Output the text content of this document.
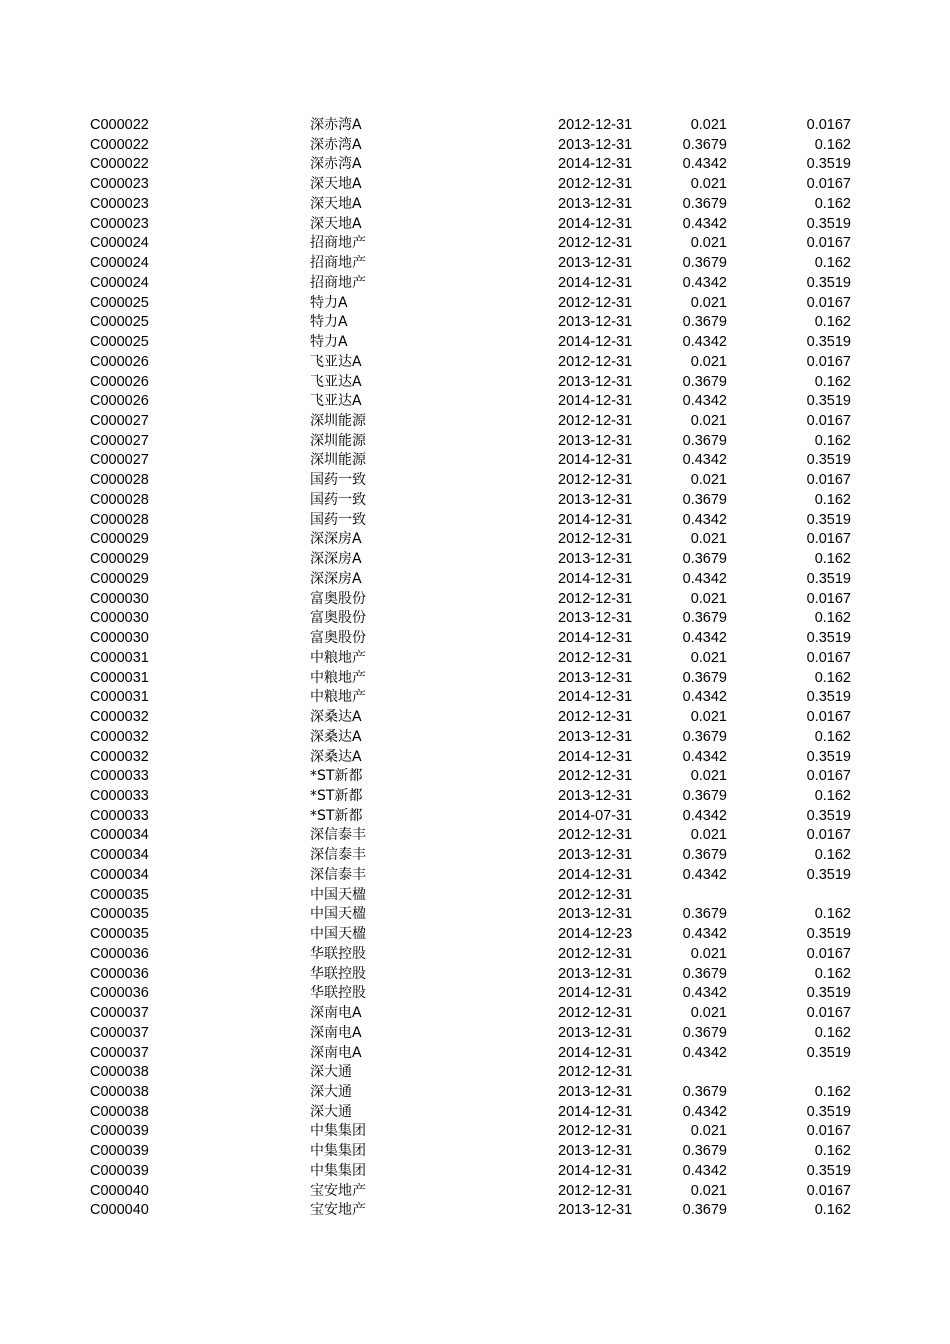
C000022	深赤湾A	2012-12-31	0.021	0.0167
C000022	深赤湾A	2013-12-31	0.3679	0.162
C000022	深赤湾A	2014-12-31	0.4342	0.3519
C000023	深天地A	2012-12-31	0.021	0.0167
C000023	深天地A	2013-12-31	0.3679	0.162
C000023	深天地A	2014-12-31	0.4342	0.3519
C000024	招商地产	2012-12-31	0.021	0.0167
C000024	招商地产	2013-12-31	0.3679	0.162
C000024	招商地产	2014-12-31	0.4342	0.3519
C000025	特力A	2012-12-31	0.021	0.0167
C000025	特力A	2013-12-31	0.3679	0.162
C000025	特力A	2014-12-31	0.4342	0.3519
C000026	飞亚达A	2012-12-31	0.021	0.0167
C000026	飞亚达A	2013-12-31	0.3679	0.162
C000026	飞亚达A	2014-12-31	0.4342	0.3519
C000027	深圳能源	2012-12-31	0.021	0.0167
C000027	深圳能源	2013-12-31	0.3679	0.162
C000027	深圳能源	2014-12-31	0.4342	0.3519
C000028	国药一致	2012-12-31	0.021	0.0167
C000028	国药一致	2013-12-31	0.3679	0.162
C000028	国药一致	2014-12-31	0.4342	0.3519
C000029	深深房A	2012-12-31	0.021	0.0167
C000029	深深房A	2013-12-31	0.3679	0.162
C000029	深深房A	2014-12-31	0.4342	0.3519
C000030	富奥股份	2012-12-31	0.021	0.0167
C000030	富奥股份	2013-12-31	0.3679	0.162
C000030	富奥股份	2014-12-31	0.4342	0.3519
C000031	中粮地产	2012-12-31	0.021	0.0167
C000031	中粮地产	2013-12-31	0.3679	0.162
C000031	中粮地产	2014-12-31	0.4342	0.3519
C000032	深桑达A	2012-12-31	0.021	0.0167
C000032	深桑达A	2013-12-31	0.3679	0.162
C000032	深桑达A	2014-12-31	0.4342	0.3519
C000033	*ST新都	2012-12-31	0.021	0.0167
C000033	*ST新都	2013-12-31	0.3679	0.162
C000033	*ST新都	2014-07-31	0.4342	0.3519
C000034	深信泰丰	2012-12-31	0.021	0.0167
C000034	深信泰丰	2013-12-31	0.3679	0.162
C000034	深信泰丰	2014-12-31	0.4342	0.3519
C000035	中国天楹	2012-12-31
C000035	中国天楹	2013-12-31	0.3679	0.162
C000035	中国天楹	2014-12-23	0.4342	0.3519
C000036	华联控股	2012-12-31	0.021	0.0167
C000036	华联控股	2013-12-31	0.3679	0.162
C000036	华联控股	2014-12-31	0.4342	0.3519
C000037	深南电A	2012-12-31	0.021	0.0167
C000037	深南电A	2013-12-31	0.3679	0.162
C000037	深南电A	2014-12-31	0.4342	0.3519
C000038	深大通	2012-12-31
C000038	深大通	2013-12-31	0.3679	0.162
C000038	深大通	2014-12-31	0.4342	0.3519
C000039	中集集团	2012-12-31	0.021	0.0167
C000039	中集集团	2013-12-31	0.3679	0.162
C000039	中集集团	2014-12-31	0.4342	0.3519
C000040	宝安地产	2012-12-31	0.021	0.0167
C000040	宝安地产	2013-12-31	0.3679	0.162
